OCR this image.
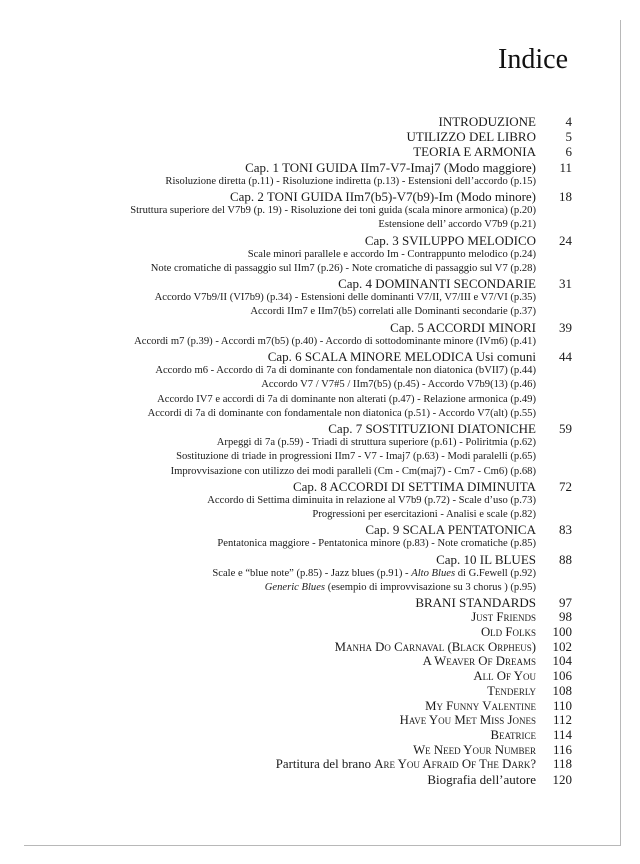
Indice
INTRODUZIONE	4
UTILIZZO DEL LIBRO	5
TEORIA E ARMONIA	6
Cap. 1 TONI GUIDA IIm7-V7-Imaj7 (Modo maggiore)	11
Risoluzione diretta (p.11) - Risoluzione indiretta (p.13) - Estensioni dell’accordo (p.15)
Cap. 2 TONI GUIDA IIm7(b5)-V7(b9)-Im (Modo minore)	18
Struttura superiore del V7b9 (p. 19) - Risoluzione dei toni guida (scala minore armonica) (p.20)
Estensione dell’ accordo V7b9 (p.21)
Cap. 3 SVILUPPO MELODICO	24
Scale minori parallele e accordo Im - Contrappunto melodico (p.24)
Note cromatiche di passaggio sul IIm7 (p.26) - Note cromatiche di passaggio sul V7 (p.28)
Cap. 4 DOMINANTI SECONDARIE	31
Accordo V7b9/II (VI7b9) (p.34) - Estensioni delle dominanti V7/II, V7/III e V7/VI (p.35)
Accordi IIm7 e IIm7(b5) correlati alle Dominanti secondarie (p.37)
Cap. 5 ACCORDI MINORI	39
Accordi m7 (p.39) - Accordi m7(b5) (p.40) - Accordo di sottodominante minore (IVm6) (p.41)
Cap. 6 SCALA MINORE MELODICA Usi comuni	44
Accordo m6 - Accordo di 7a di dominante con fondamentale non diatonica (bVII7) (p.44)
Accordo V7 / V7#5 / IIm7(b5) (p.45) - Accordo V7b9(13) (p.46)
Accordo IV7 e accordi di 7a di dominante non alterati (p.47) - Relazione armonica (p.49)
Accordi di 7a di dominante con fondamentale non diatonica (p.51) - Accordo V7(alt) (p.55)
Cap. 7 SOSTITUZIONI DIATONICHE	59
Arpeggi di 7a (p.59) - Triadi di struttura superiore (p.61) - Poliritmia (p.62)
Sostituzione di triade in progressioni IIm7 - V7 - Imaj7 (p.63) - Modi paralelli (p.65)
Improvvisazione con utilizzo dei modi paralleli (Cm - Cm(maj7) - Cm7 - Cm6) (p.68)
Cap. 8 ACCORDI DI SETTIMA DIMINUITA	72
Accordo di Settima diminuita in relazione al V7b9 (p.72) - Scale d’uso (p.73)
Progressioni per esercitazioni - Analisi e scale (p.82)
Cap. 9 SCALA PENTATONICA	83
Pentatonica maggiore - Pentatonica minore (p.83) - Note cromatiche (p.85)
Cap. 10 IL BLUES	88
Scale e “blue note” (p.85) - Jazz blues (p.91) - Alto Blues di G.Fewell (p.92)
Generic Blues (esempio di improvvisazione su 3 chorus ) (p.95)
BRANI STANDARDS	97
Just Friends	98
Old Folks	100
Manha Do Carnaval (Black Orpheus)	102
A Weaver Of Dreams	104
All Of You	106
Tenderly	108
My Funny Valentine	110
Have You Met Miss Jones	112
Beatrice	114
We Need Your Number	116
Partitura del brano Are You Afraid Of The Dark?	118
Biografia dell’autore	120
